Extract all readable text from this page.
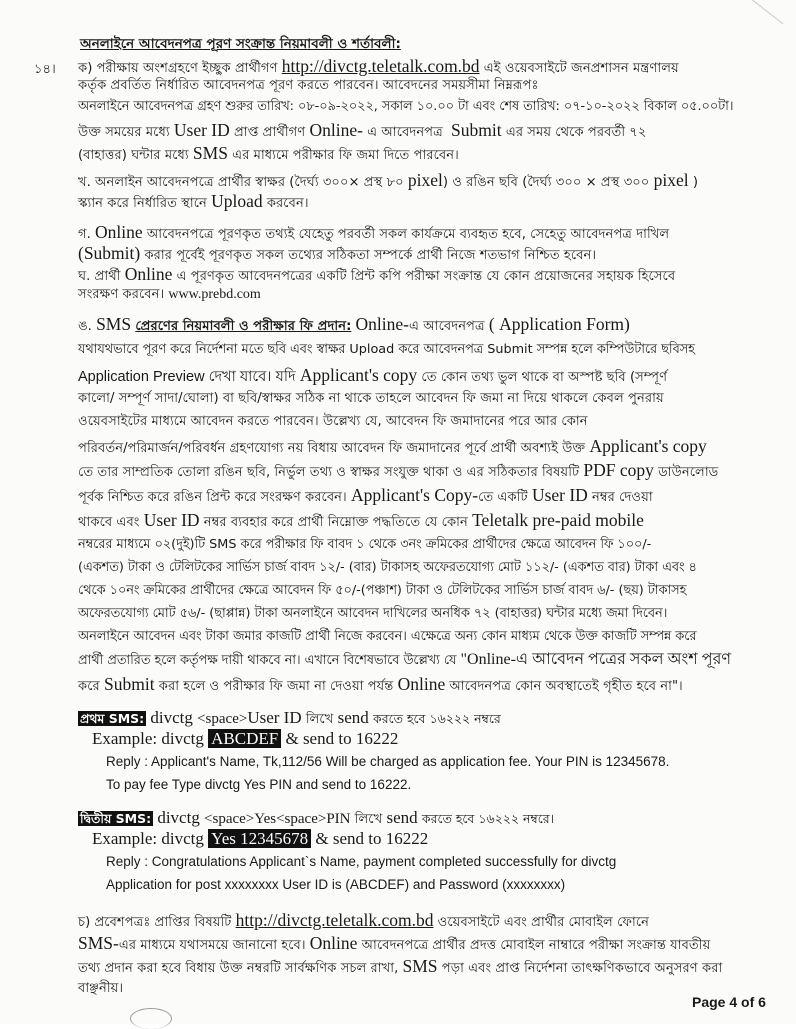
অনলাইনে আবেদনপত্র পূরণ সংক্রান্ত নিয়মাবলী ও শর্তাবলী:
১৪। ক) পরীক্ষায় অংশগ্রহণে ইচ্ছুক প্রার্থীগণ http://divctg.teletalk.com.bd এই ওয়েবসাইটে জনপ্রশাসন মন্ত্রণালয়
কর্তৃক প্রবর্তিত নির্ধারিত আবেদনপত্র পূরণ করতে পারবেন। আবেদনের সময়সীমা নিম্নরূপঃ
অনলাইনে আবেদনপত্র গ্রহণ শুরুর তারিখ: ০৮-০৯-২০২২, সকাল ১০.০০ টা এবং শেষ তারিখ: ০৭-১০-২০২২ বিকাল ০৫.০০টা।
উক্ত সময়ের মধ্যে User ID প্রাপ্ত প্রার্থীগণ Online- এ আবেদনপত্র Submit এর সময় থেকে পরবর্তী ৭২
(বাহাত্তর) ঘন্টার মধ্যে SMS এর মাধ্যমে পরীক্ষার ফি জমা দিতে পারবেন।
খ. অনলাইন আবেদনপত্রে প্রার্থীর স্বাক্ষর (দৈর্ঘ্য ৩০০× প্রস্থ ৮০ pixel) ও রঙিন ছবি (দৈর্ঘ্য ৩০০ × প্রস্থ ৩০০ pixel )
স্ক্যান করে নির্ধারিত স্থানে Upload করবেন।
গ. Online আবেদনপত্রে পূরণকৃত তথ্যই যেহেতু পরবর্তী সকল কার্যক্রমে ব্যবহৃত হবে, সেহেতু আবেদনপত্র দাখিল
(Submit) করার পূর্বেই পূরণকৃত সকল তথ্যের সঠিকতা সম্পর্কে প্রার্থী নিজে শতভাগ নিশ্চিত হবেন।
ঘ. প্রার্থী Online এ পূরণকৃত আবেদনপত্রের একটি প্রিন্ট কপি পরীক্ষা সংক্রান্ত যে কোন প্রয়োজনের সহায়ক হিসেবে
সংরক্ষণ করবেন। www.prebd.com
ঙ. SMS প্রেরণের নিয়মাবলী ও পরীক্ষার ফি প্রদান: Online-এ আবেদনপত্র ( Application Form)
যথাযথভাবে পূরণ করে নির্দেশনা মতে ছবি এবং স্বাক্ষর Upload করে আবেদনপত্র Submit সম্পন্ন হলে কম্পিউটারে ছবিসহ
Application Preview দেখা যাবে। যদি Applicant's copy তে কোন তথ্য ভুল থাকে বা অস্পষ্ট ছবি (সম্পূর্ণ
কালো/ সম্পূর্ণ সাদা/ঘোলা) বা ছবি/স্বাক্ষর সঠিক না থাকে তাহলে আবেদন ফি জমা না দিয়ে থাকলে কেবল পুনরায়
ওয়েবসাইটের মাধ্যমে আবেদন করতে পারবেন। উল্লেখ্য যে, আবেদন ফি জমাদানের পরে আর কোন
পরিবর্তন/পরিমার্জন/পরিবর্ধন গ্রহণযোগ্য নয় বিধায় আবেদন ফি জমাদানের পূর্বে প্রার্থী অবশ্যই উক্ত Applicant's copy
তে তার সাম্প্রতিক তোলা রঙিন ছবি, নির্ভুল তথ্য ও স্বাক্ষর সংযুক্ত থাকা ও এর সঠিকতার বিষয়টি PDF copy ডাউনলোড
পূর্বক নিশ্চিত করে রঙিন প্রিন্ট করে সংরক্ষণ করবেন। Applicant's Copy-তে একটি User ID নম্বর দেওয়া
থাকবে এবং User ID নম্বর ব্যবহার করে প্রার্থী নিম্নোক্ত পদ্ধতিতে যে কোন Teletalk pre-paid mobile
নম্বরের মাধ্যমে ০২(দুই)টি SMS করে পরীক্ষার ফি বাবদ ১ থেকে ৩নং ক্রমিকের প্রার্থীদের ক্ষেত্রে আবেদন ফি ১০০/-
(একশত) টাকা ও টেলিটকের সার্ভিস চার্জ বাবদ ১২/- (বার) টাকাসহ অফেরতযোগ্য মোট ১১২/- (একশত বার) টাকা এবং ৪
থেকে ১০নং ক্রমিকের প্রার্থীদের ক্ষেত্রে আবেদন ফি ৫০/-(পঞ্চাশ) টাকা ও টেলিটকের সার্ভিস চার্জ বাবদ ৬/- (ছয়) টাকাসহ
অফেরতযোগ্য মোট ৫৬/- (ছাপ্পান্ন) টাকা অনলাইনে আবেদন দাখিলের অনধিক ৭২ (বাহাত্তর) ঘন্টার মধ্যে জমা দিবেন।
অনলাইনে আবেদন এবং টাকা জমার কাজটি প্রার্থী নিজে করবেন। এক্ষেত্রে অন্য কোন মাধ্যম থেকে উক্ত কাজটি সম্পন্ন করে
প্রার্থী প্রতারিত হলে কর্তৃপক্ষ দায়ী থাকবে না। এখানে বিশেষভাবে উল্লেখ্য যে "Online-এ আবেদন পত্রের সকল অংশ পূরণ
করে Submit করা হলে ও পরীক্ষার ফি জমা না দেওয়া পর্যন্ত Online আবেদনপত্র কোন অবস্থাতেই গৃহীত হবে না"।
প্রথম SMS: divctg <space>User ID লিখে send করতে হবে ১৬২২২ নম্বরে
Example: divctg ABCDEF & send to 16222
Reply : Applicant's Name, Tk,112/56 Will be charged as application fee. Your PIN is 12345678.
To pay fee Type divctg Yes PIN and send to 16222.
দ্বিতীয় SMS: divctg <space>Yes<space>PIN লিখে send করতে হবে ১৬২২২ নম্বরে।
Example: divctg Yes 12345678 & send to 16222
Reply : Congratulations Applicant`s Name, payment completed successfully for divctg
Application for post xxxxxxxx User ID is (ABCDEF) and Password (xxxxxxxx)
চ) প্রবেশপত্রঃ প্রাপ্তির বিষয়টি http://divctg.teletalk.com.bd ওয়েবসাইটে এবং প্রার্থীর মোবাইল ফোনে
SMS-এর মাধ্যমে যথাসময়ে জানানো হবে। Online আবেদনপত্রে প্রার্থীর প্রদত্ত মোবাইল নাম্বারে পরীক্ষা সংক্রান্ত যাবতীয়
তথ্য প্রদান করা হবে বিধায় উক্ত নম্বরটি সার্বক্ষণিক সচল রাখা, SMS পড়া এবং প্রাপ্ত নির্দেশনা তাৎক্ষণিকভাবে অনুসরণ করা
বাঞ্ছনীয়।
Page 4 of 6
